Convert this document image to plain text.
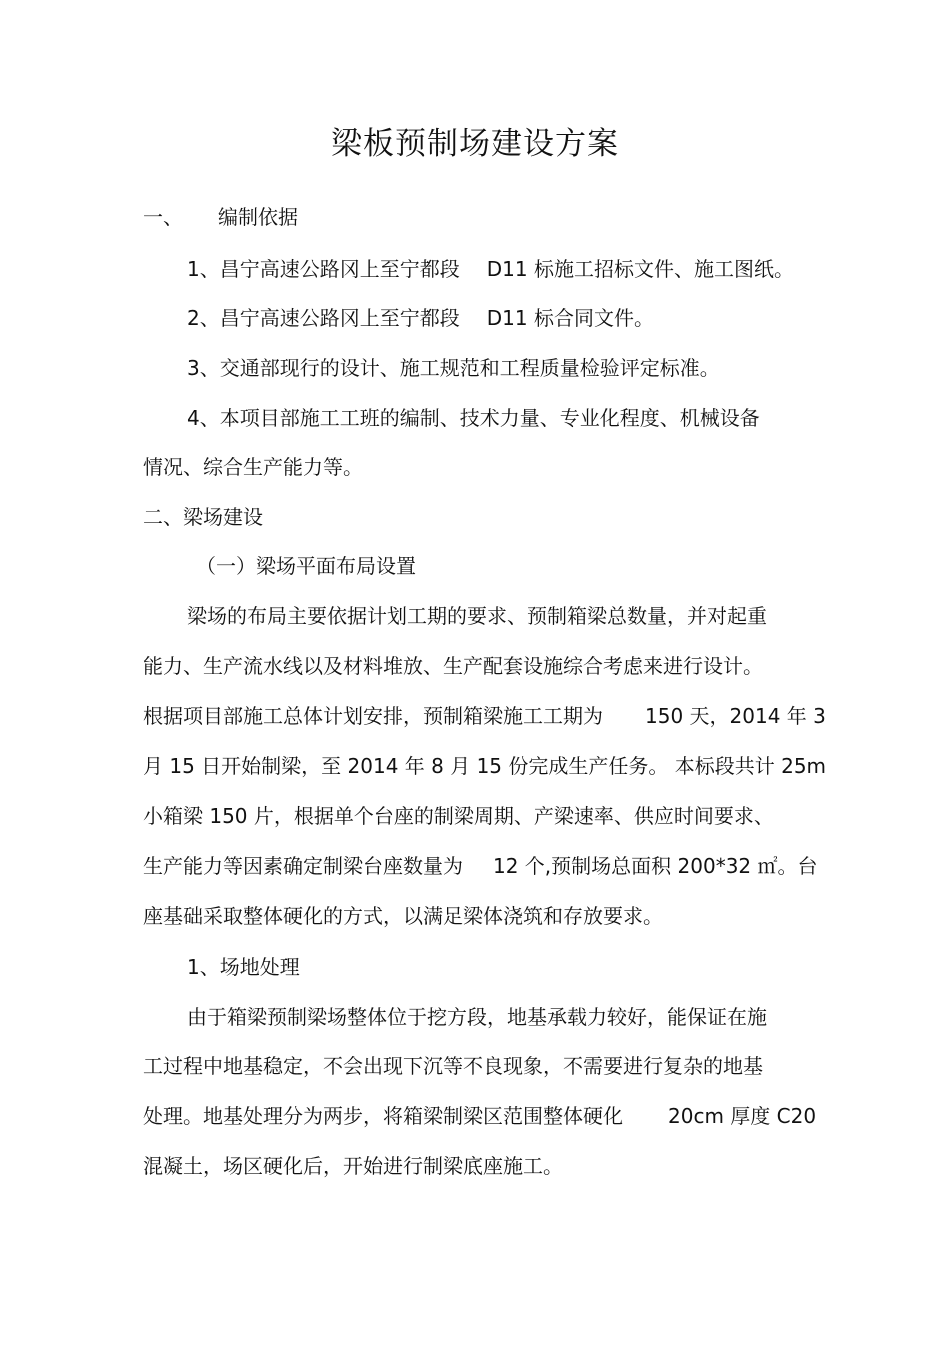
梁板预制场建设方案
一、 编制依据
1、昌宁高速公路冈上至宁都段 D11 标施工招标文件、施工图纸。
2、昌宁高速公路冈上至宁都段 D11 标合同文件。
3、交通部现行的设计、施工规范和工程质量检验评定标准。
4、本项目部施工工班的编制、技术力量、专业化程度、机械设备
情况、综合生产能力等。
二、梁场建设
（一）梁场平面布局设置
梁场的布局主要依据计划工期的要求、预制箱梁总数量，并对起重
能力、生产流水线以及材料堆放、生产配套设施综合考虑来进行设计。
根据项目部施工总体计划安排，预制箱梁施工工期为 150 天，2014 年 3
月 15 日开始制梁，至 2014 年 8 月 15 份完成生产任务。 本标段共计 25m
小箱梁 150 片，根据单个台座的制梁周期、产梁速率、供应时间要求、
生产能力等因素确定制梁台座数量为 12 个,预制场总面积 200*32 ㎡。台
座基础采取整体硬化的方式，以满足梁体浇筑和存放要求。
1、场地处理
由于箱梁预制梁场整体位于挖方段，地基承载力较好，能保证在施
工过程中地基稳定，不会出现下沉等不良现象，不需要进行复杂的地基
处理。地基处理分为两步，将箱梁制梁区范围整体硬化 20cm 厚度 C20
混凝土，场区硬化后，开始进行制梁底座施工。
